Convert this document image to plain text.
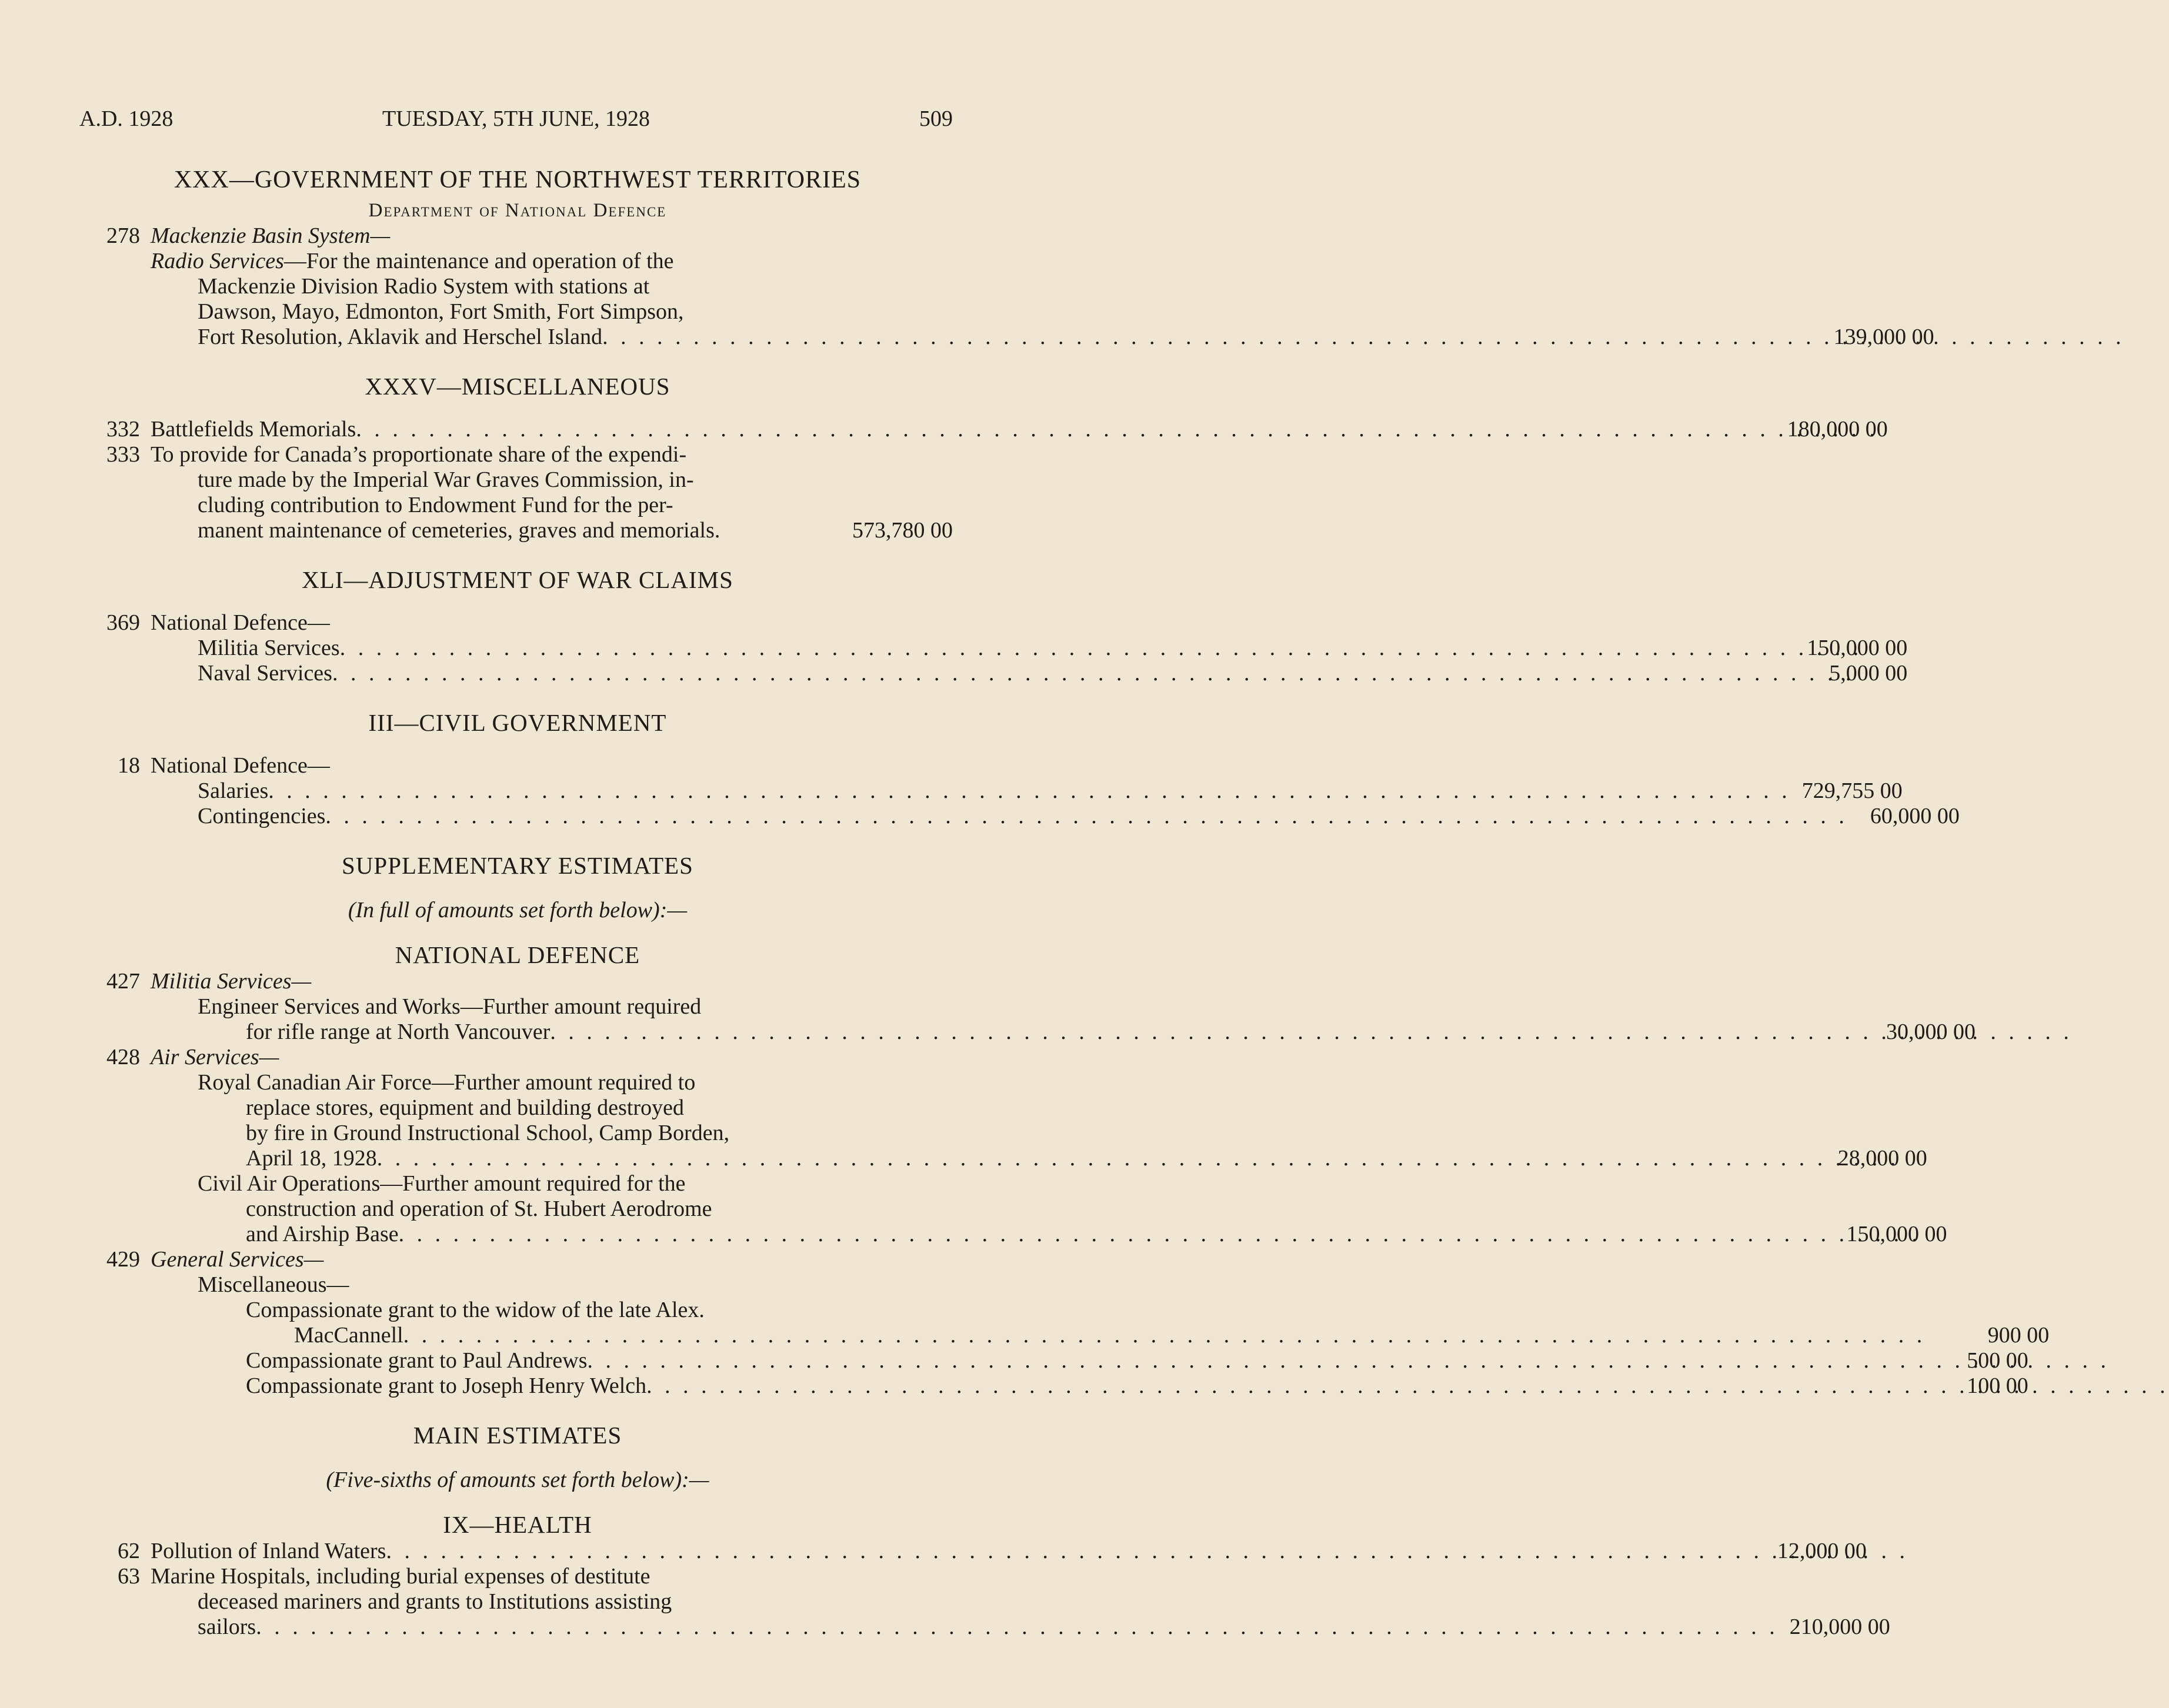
A.D. 1928	TUESDAY, 5TH JUNE, 1928	509
XXX—GOVERNMENT OF THE NORTHWEST TERRITORIES
Department of National Defence
278 Mackenzie Basin System—
Radio Services—For the maintenance and operation of the
Mackenzie Division Radio System with stations at
Dawson, Mayo, Edmonton, Fort Smith, Fort Simpson,
Fort Resolution, Aklavik and Herschel Island . . .	139,000 00
XXXV—MISCELLANEOUS
332 Battlefields Memorials . . .	180,000 00
333 To provide for Canada’s proportionate share of the expendi-
ture made by the Imperial War Graves Commission, in-
cluding contribution to Endowment Fund for the per-
manent maintenance of cemeteries, graves and memorials.	573,780 00
XLI—ADJUSTMENT OF WAR CLAIMS
369 National Defence—
Militia Services . . .	150,000 00
Naval Services . . .	5,000 00
III—CIVIL GOVERNMENT
18 National Defence—
Salaries . . .	729,755 00
Contingencies . . .	60,000 00
SUPPLEMENTARY ESTIMATES
(In full of amounts set forth below):—
NATIONAL DEFENCE
427 Militia Services—
Engineer Services and Works—Further amount required
for rifle range at North Vancouver . . .	30,000 00
428 Air Services—
Royal Canadian Air Force—Further amount required to
replace stores, equipment and building destroyed
by fire in Ground Instructional School, Camp Borden,
April 18, 1928 . . .	28,000 00
Civil Air Operations—Further amount required for the
construction and operation of St. Hubert Aerodrome
and Airship Base . . .	150,000 00
429 General Services—
Miscellaneous—
Compassionate grant to the widow of the late Alex.
MacCannell . . .	900 00
Compassionate grant to Paul Andrews . . .	500 00
Compassionate grant to Joseph Henry Welch . . .	100 00
MAIN ESTIMATES
(Five-sixths of amounts set forth below):—
IX—HEALTH
62 Pollution of Inland Waters . . .	12,000 00
63 Marine Hospitals, including burial expenses of destitute
deceased mariners and grants to Institutions assisting
sailors . . .	210,000 00
